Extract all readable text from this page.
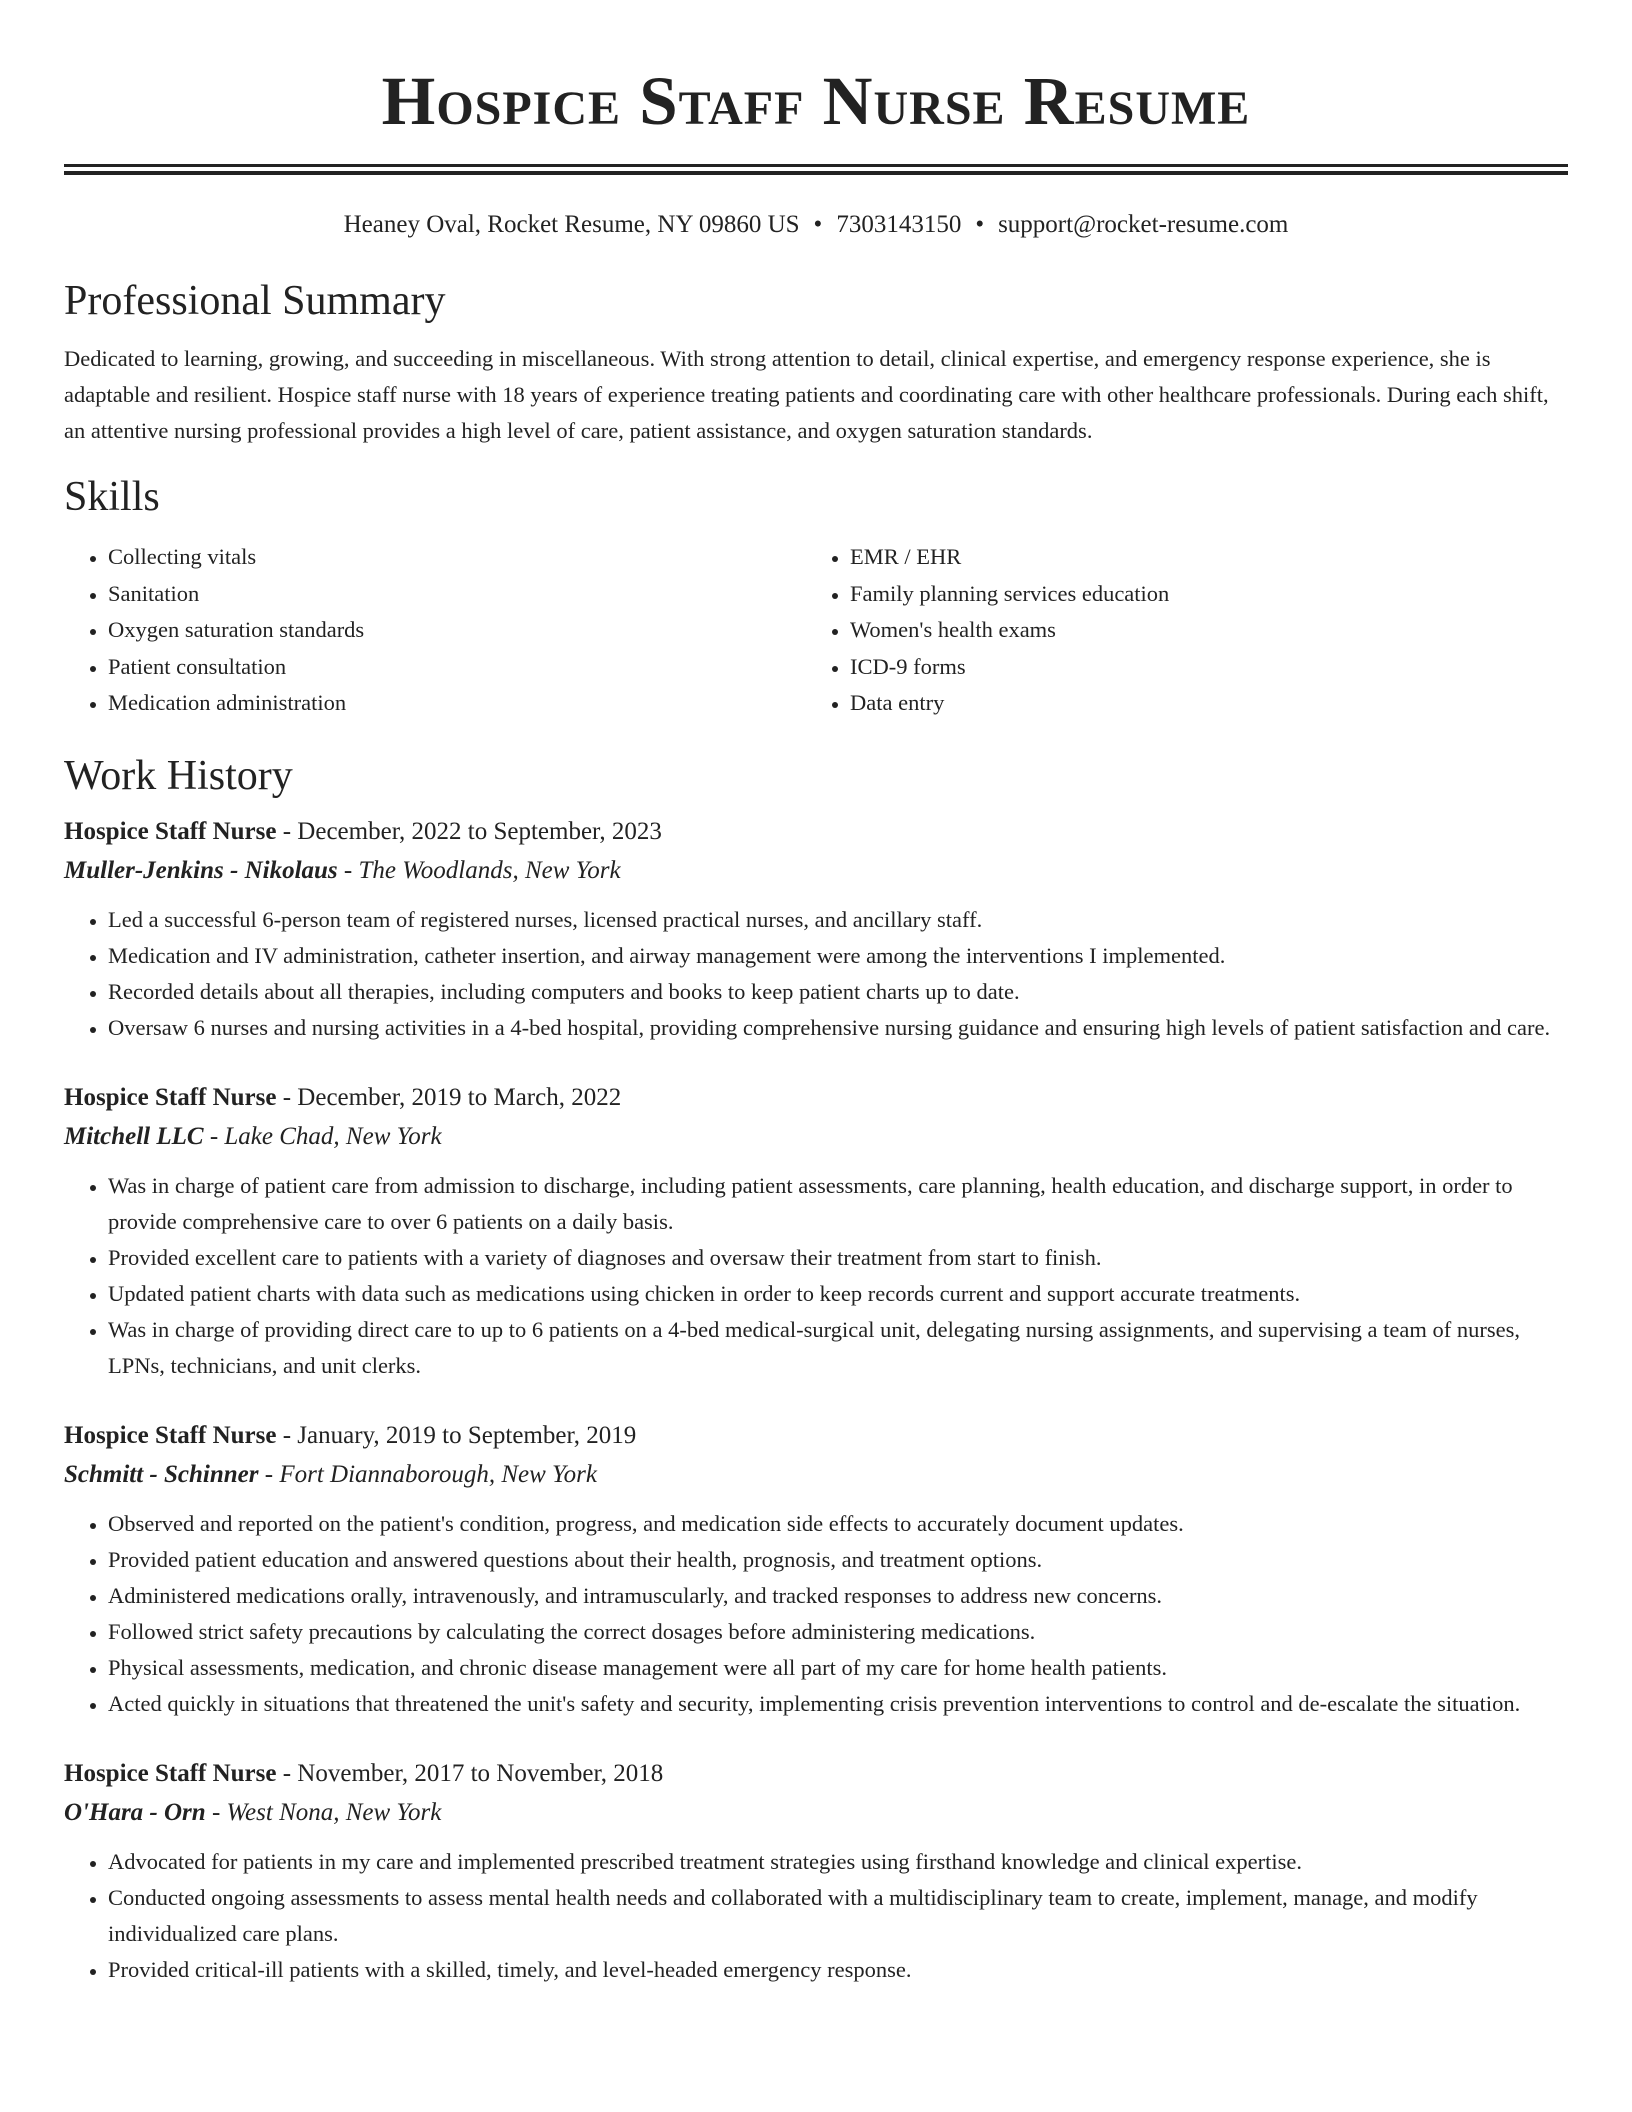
Hospice Staff Nurse Resume
Heaney Oval, Rocket Resume, NY 09860 US • 7303143150 • support@rocket-resume.com
Professional Summary

Dedicated to learning, growing, and succeeding in miscellaneous. With strong attention to detail, clinical expertise, and emergency response experience, she is adaptable and resilient. Hospice staff nurse with 18 years of experience treating patients and coordinating care with other healthcare professionals. During each shift, an attentive nursing professional provides a high level of care, patient assistance, and oxygen saturation standards.

Skills
• Collecting vitals
• Sanitation
• Oxygen saturation standards
• Patient consultation
• Medication administration
• EMR / EHR
• Family planning services education
• Women's health exams
• ICD-9 forms
• Data entry
Work History
Hospice Staff Nurse - December, 2022 to September, 2023
Muller-Jenkins - Nikolaus - The Woodlands, New York
• Led a successful 6-person team of registered nurses, licensed practical nurses, and ancillary staff.
• Medication and IV administration, catheter insertion, and airway management were among the interventions I implemented.
• Recorded details about all therapies, including computers and books to keep patient charts up to date.
• Oversaw 6 nurses and nursing activities in a 4-bed hospital, providing comprehensive nursing guidance and ensuring high levels of patient satisfaction and care.
Hospice Staff Nurse - December, 2019 to March, 2022
Mitchell LLC - Lake Chad, New York
• Was in charge of patient care from admission to discharge, including patient assessments, care planning, health education, and discharge support, in order to provide comprehensive care to over 6 patients on a daily basis.
• Provided excellent care to patients with a variety of diagnoses and oversaw their treatment from start to finish.
• Updated patient charts with data such as medications using chicken in order to keep records current and support accurate treatments.
• Was in charge of providing direct care to up to 6 patients on a 4-bed medical-surgical unit, delegating nursing assignments, and supervising a team of nurses, LPNs, technicians, and unit clerks.
Hospice Staff Nurse - January, 2019 to September, 2019
Schmitt - Schinner - Fort Diannaborough, New York
• Observed and reported on the patient's condition, progress, and medication side effects to accurately document updates.
• Provided patient education and answered questions about their health, prognosis, and treatment options.
• Administered medications orally, intravenously, and intramuscularly, and tracked responses to address new concerns.
• Followed strict safety precautions by calculating the correct dosages before administering medications.
• Physical assessments, medication, and chronic disease management were all part of my care for home health patients.
• Acted quickly in situations that threatened the unit's safety and security, implementing crisis prevention interventions to control and de-escalate the situation.
Hospice Staff Nurse - November, 2017 to November, 2018
O'Hara - Orn - West Nona, New York
• Advocated for patients in my care and implemented prescribed treatment strategies using firsthand knowledge and clinical expertise.
• Conducted ongoing assessments to assess mental health needs and collaborated with a multidisciplinary team to create, implement, manage, and modify individualized care plans.
• Provided critical-ill patients with a skilled, timely, and level-headed emergency response.
